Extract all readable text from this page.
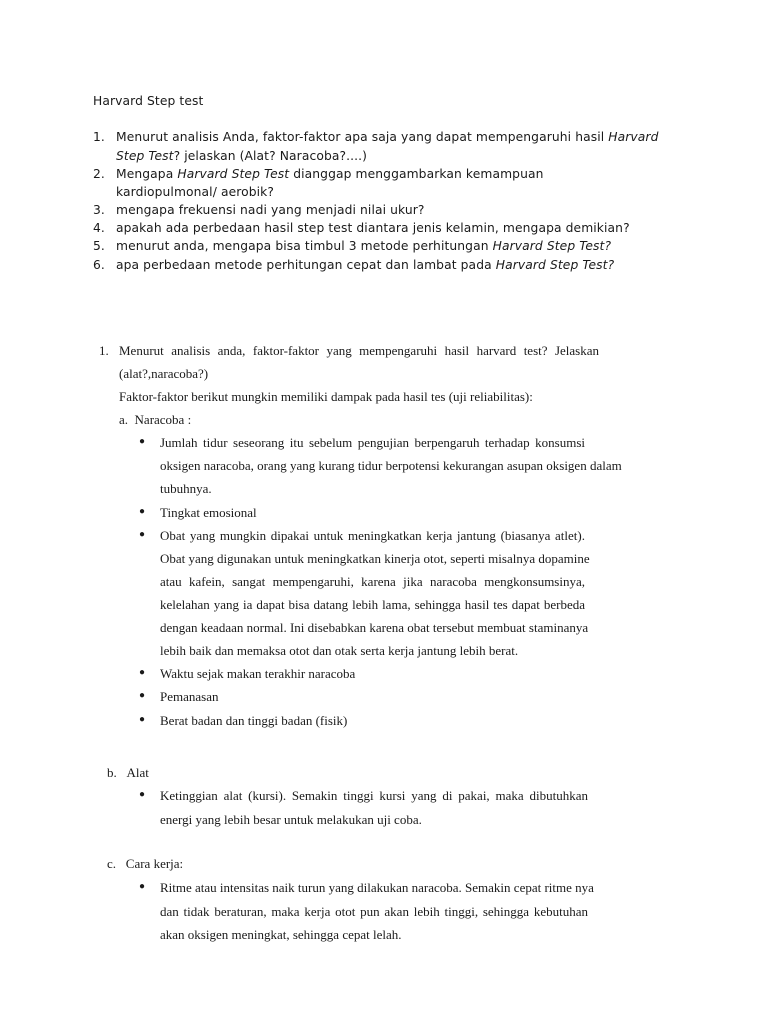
Harvard Step test
1. Menurut analisis Anda, faktor-faktor apa saja yang dapat mempengaruhi hasil Harvard
Step Test? jelaskan (Alat? Naracoba?....)
2. Mengapa Harvard Step Test dianggap menggambarkan kemampuan
kardiopulmonal/ aerobik?
3. mengapa frekuensi nadi yang menjadi nilai ukur?
4. apakah ada perbedaan hasil step test diantara jenis kelamin, mengapa demikian?
5. menurut anda, mengapa bisa timbul 3 metode perhitungan Harvard Step Test?
6. apa perbedaan metode perhitungan cepat dan lambat pada Harvard Step Test?
1. Menurut analisis anda, faktor-faktor yang mempengaruhi hasil harvard test? Jelaskan
(alat?,naracoba?)
Faktor-faktor berikut mungkin memiliki dampak pada hasil tes (uji reliabilitas):
a. Naracoba :
● Jumlah tidur seseorang itu sebelum pengujian berpengaruh terhadap konsumsi
oksigen naracoba, orang yang kurang tidur berpotensi kekurangan asupan oksigen dalam
tubuhnya.
● Tingkat emosional
● Obat yang mungkin dipakai untuk meningkatkan kerja jantung (biasanya atlet).
Obat yang digunakan untuk meningkatkan kinerja otot, seperti misalnya dopamine
atau kafein, sangat mempengaruhi, karena jika naracoba mengkonsumsinya,
kelelahan yang ia dapat bisa datang lebih lama, sehingga hasil tes dapat berbeda
dengan keadaan normal. Ini disebabkan karena obat tersebut membuat staminanya
lebih baik dan memaksa otot dan otak serta kerja jantung lebih berat.
● Waktu sejak makan terakhir naracoba
● Pemanasan
● Berat badan dan tinggi badan (fisik)
b. Alat
● Ketinggian alat (kursi). Semakin tinggi kursi yang di pakai, maka dibutuhkan
energi yang lebih besar untuk melakukan uji coba.
c. Cara kerja:
● Ritme atau intensitas naik turun yang dilakukan naracoba. Semakin cepat ritme nya
dan tidak beraturan, maka kerja otot pun akan lebih tinggi, sehingga kebutuhan
akan oksigen meningkat, sehingga cepat lelah.
